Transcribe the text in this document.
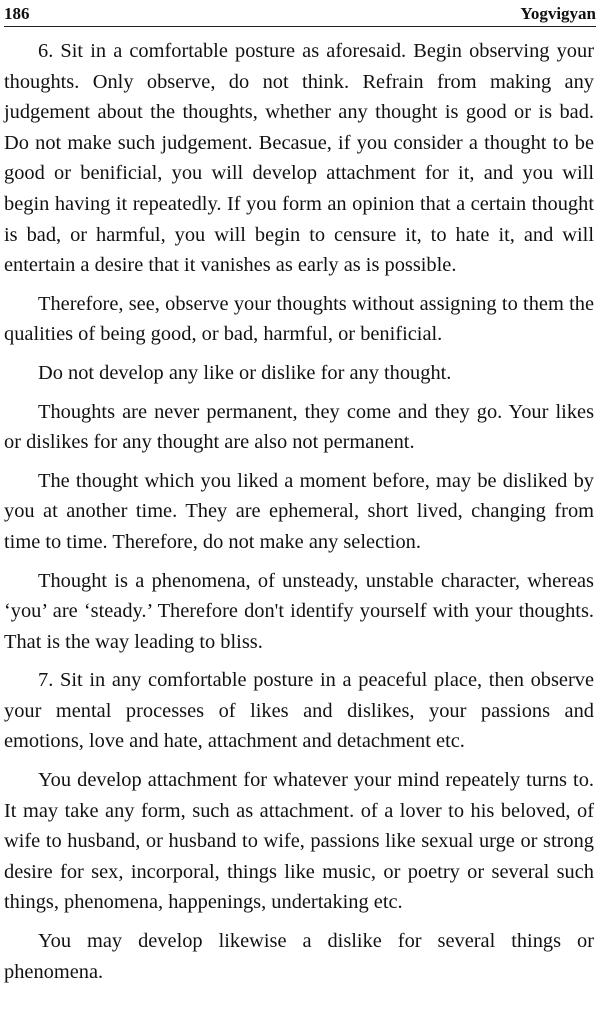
186	Yogvigyan

6. Sit in a comfortable posture as aforesaid. Begin observing your thoughts. Only observe, do not think. Refrain from making any judgement about the thoughts, whether any thought is good or is bad. Do not make such judgement. Becasue, if you consider a thought to be good or benificial, you will develop attachment for it, and you will begin having it repeatedly. If you form an opinion that a certain thought is bad, or harmful, you will begin to censure it, to hate it, and will entertain a desire that it vanishes as early as is possible.

Therefore, see, observe your thoughts without assigning to them the qualities of being good, or bad, harmful, or benificial.

Do not develop any like or dislike for any thought.

Thoughts are never permanent, they come and they go. Your likes or dislikes for any thought are also not permanent.

The thought which you liked a moment before, may be disliked by you at another time. They are ephemeral, short lived, changing from time to time. Therefore, do not make any selection.

Thought is a phenomena, of unsteady, unstable character, whereas ‘you’ are ‘steady.’ Therefore don't identify yourself with your thoughts. That is the way leading to bliss.

7. Sit in any comfortable posture in a peaceful place, then observe your mental processes of likes and dislikes, your passions and emotions, love and hate, attachment and detachment etc.

You develop attachment for whatever your mind repeately turns to. It may take any form, such as attachment. of a lover to his beloved, of wife to husband, or husband to wife, passions like sexual urge or strong desire for sex, incorporal, things like music, or poetry or several such things, phenomena, happenings, undertaking etc.

You may develop likewise a dislike for several things or phenomena.
